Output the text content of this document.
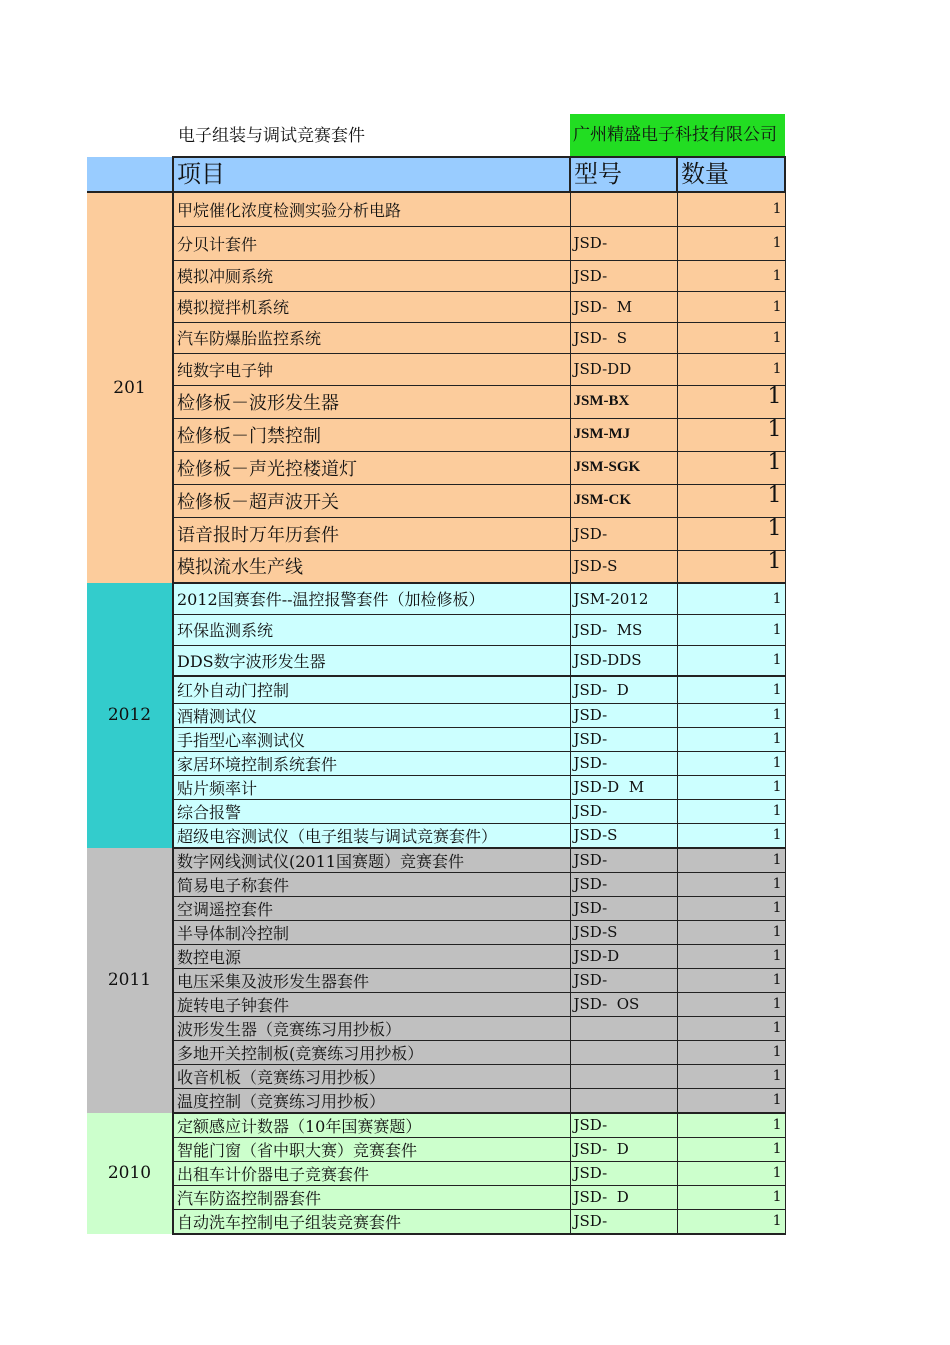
电子组装与调试竞赛套件	广州精盛电子科技有限公司
	项目	型号	数量
201	甲烷催化浓度检测实验分析电路		1
	分贝计套件	JSD-	1
	模拟冲厕系统	JSD-	1
	模拟搅拌机系统	JSD-  M	1
	汽车防爆胎监控系统	JSD-  S	1
	纯数字电子钟	JSD-DD	1
	检修板－波形发生器	JSM-BX	1
	检修板－门禁控制	JSM-MJ	1
	检修板－声光控楼道灯	JSM-SGK	1
	检修板－超声波开关	JSM-CK	1
	语音报时万年历套件	JSD-	1
	模拟流水生产线	JSD-S	1
2012	2012国赛套件--温控报警套件（加检修板）	JSM-2012	1
	环保监测系统	JSD-  MS	1
	DDS数字波形发生器	JSD-DDS	1
	红外自动门控制	JSD-  D	1
	酒精测试仪	JSD-	1
	手指型心率测试仪	JSD-	1
	家居环境控制系统套件	JSD-	1
	贴片频率计	JSD-D  M	1
	综合报警	JSD-	1
	超级电容测试仪（电子组装与调试竞赛套件）	JSD-S	1
2011	数字网线测试仪(2011国赛题）竞赛套件	JSD-	1
	简易电子称套件	JSD-	1
	空调遥控套件	JSD-	1
	半导体制冷控制	JSD-S	1
	数控电源	JSD-D	1
	电压采集及波形发生器套件	JSD-	1
	旋转电子钟套件	JSD-  OS	1
	波形发生器（竞赛练习用抄板）		1
	多地开关控制板(竞赛练习用抄板）		1
	收音机板（竞赛练习用抄板）		1
	温度控制（竞赛练习用抄板）		1
2010	定额感应计数器（10年国赛赛题）	JSD-	1
	智能门窗（省中职大赛）竞赛套件	JSD-  D	1
	出租车计价器电子竞赛套件	JSD-	1
	汽车防盗控制器套件	JSD-  D	1
	自动洗车控制电子组装竞赛套件	JSD-	1
